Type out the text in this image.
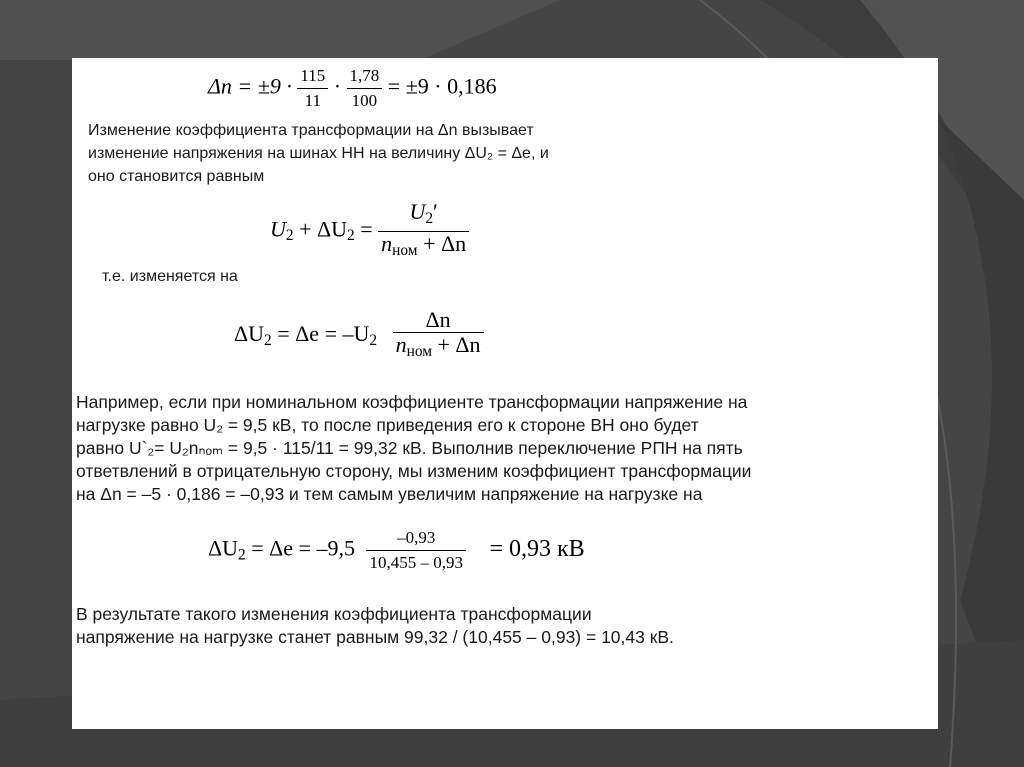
$\Delta n = \pm 9 \cdot \frac{115}{11} \cdot \frac{1,78}{100} = \pm 9 \cdot 0,186$
Изменение коэффициента трансформации на Δn вызывает
изменение напряжения на шинах НН на величину ΔU₂ = Δe, и
оно становится равным
$U_2 + \Delta U_2 = \frac{U_2'}{n_{ном} + \Delta n}$
т.е. изменяется на
$\Delta U_2 = \Delta e = -U_2 \frac{\Delta n}{n_{ном} + \Delta n}$
Например, если при номинальном коэффициенте трансформации напряжение на
нагрузке равно U₂ = 9,5 кВ, то после приведения его к стороне ВН оно будет
равно U`₂= U₂nₙₒₘ = 9,5 · 115/11 = 99,32 кВ. Выполнив переключение РПН на пять
ответвлений в отрицательную сторону, мы изменим коэффициент трансформации
на Δn = –5 · 0,186 = –0,93 и тем самым увеличим напряжение на нагрузке на
$\Delta U_2 = \Delta e = -9,5 \frac{-0,93}{10,455 - 0,93} = 0,93$ кВ
В результате такого изменения коэффициента трансформации
напряжение на нагрузке станет равным 99,32 / (10,455 – 0,93) = 10,43 кВ.
